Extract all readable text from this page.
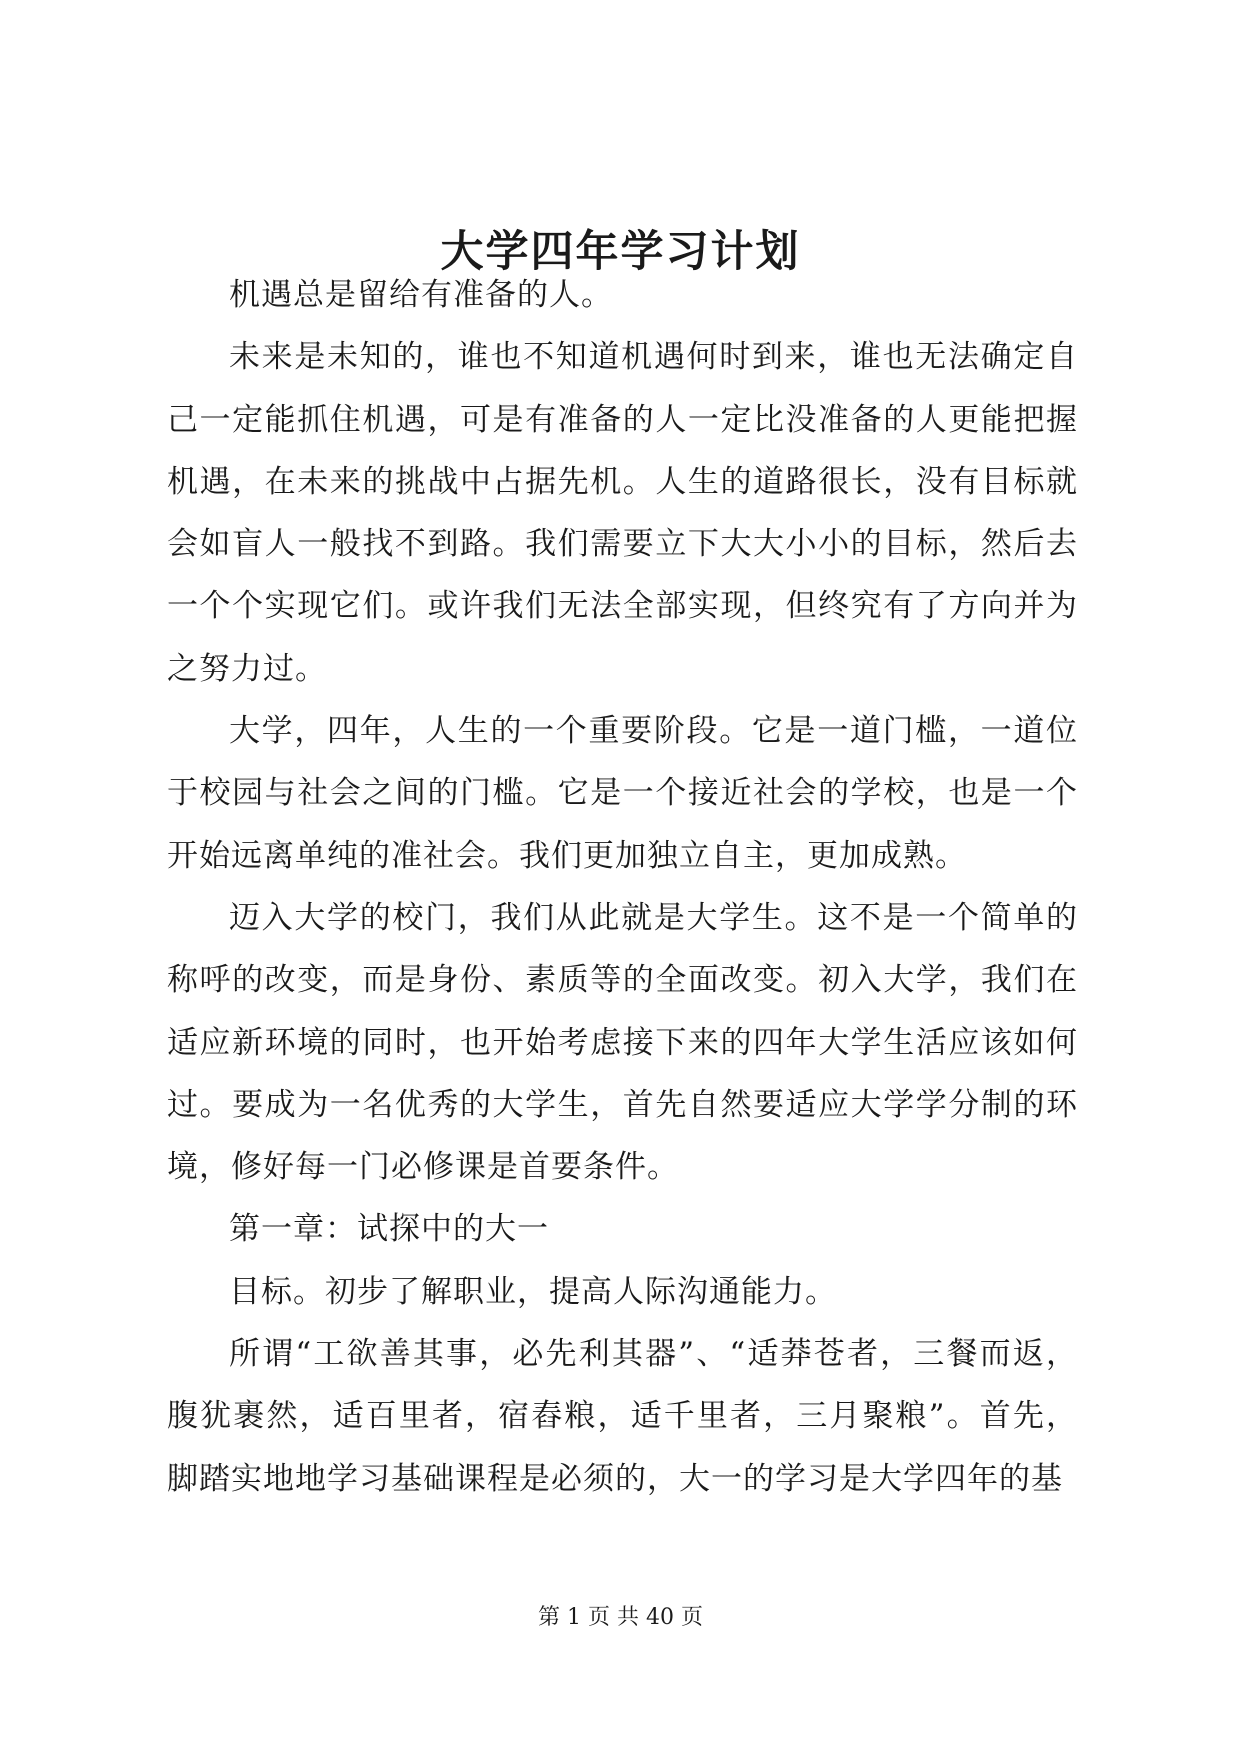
大学四年学习计划

机遇总是留给有准备的人。

未来是未知的，谁也不知道机遇何时到来，谁也无法确定自己一定能抓住机遇，可是有准备的人一定比没准备的人更能把握机遇，在未来的挑战中占据先机。人生的道路很长，没有目标就会如盲人一般找不到路。我们需要立下大大小小的目标，然后去一个个实现它们。或许我们无法全部实现，但终究有了方向并为之努力过。

大学，四年，人生的一个重要阶段。它是一道门槛，一道位于校园与社会之间的门槛。它是一个接近社会的学校，也是一个开始远离单纯的准社会。我们更加独立自主，更加成熟。

迈入大学的校门，我们从此就是大学生。这不是一个简单的称呼的改变，而是身份、素质等的全面改变。初入大学，我们在适应新环境的同时，也开始考虑接下来的四年大学生活应该如何过。要成为一名优秀的大学生，首先自然要适应大学学分制的环境，修好每一门必修课是首要条件。

第一章：试探中的大一

目标。初步了解职业，提高人际沟通能力。

所谓“工欲善其事，必先利其器”、“适莽苍者，三餐而返，腹犹裹然，适百里者，宿舂粮，适千里者，三月聚粮”。首先，脚踏实地地学习基础课程是必须的，大一的学习是大学四年的基

第 1 页 共 40 页
